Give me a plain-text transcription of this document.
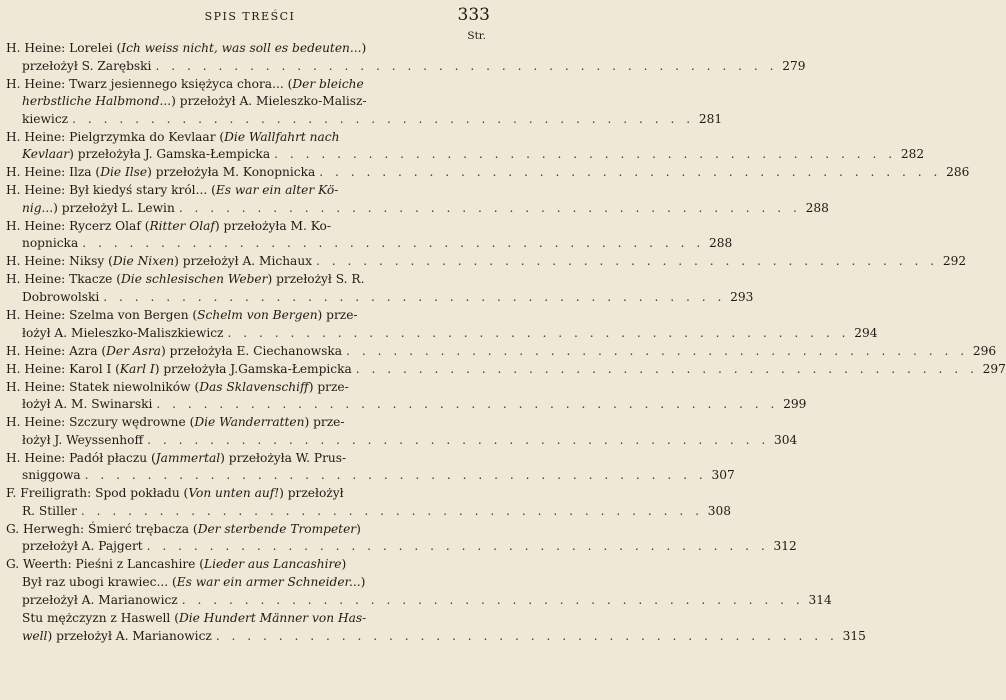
SPIS TREŚCI	333
Str.
H. Heine: Lorelei (Ich weiss nicht, was soll es bedeuten...)
przełożył S. Zarębski . . . . . . . . . . . . . . . . . . . . . . . . . . . . . . . . . . . . . . . . 279
H. Heine: Twarz jesiennego księżyca chora... (Der bleiche
herbstliche Halbmond...) przełożył A. Mieleszko-Malisz-
kiewicz . . . . . . . . . . . . . . . . . . . . . . . . . . . . . . . . . . . . . . . . 281
H. Heine: Pielgrzymka do Kevlaar (Die Wallfahrt nach
Kevlaar) przełożyła J. Gamska-Łempicka . . . . . . . . . . . . . . . . . . . . . . . . . . . . . . . . . . . . . . . . 282
H. Heine: Ilza (Die Ilse) przełożyła M. Konopnicka . . . . . . . . . . . . . . . . . . . . . . . . . . . . . . . . . . . . . . . . 286
H. Heine: Był kiedyś stary król... (Es war ein alter Kö-
nig...) przełożył L. Lewin . . . . . . . . . . . . . . . . . . . . . . . . . . . . . . . . . . . . . . . . 288
H. Heine: Rycerz Olaf (Ritter Olaf) przełożyła M. Ko-
nopnicka . . . . . . . . . . . . . . . . . . . . . . . . . . . . . . . . . . . . . . . . 288
H. Heine: Niksy (Die Nixen) przełożył A. Michaux . . . . . . . . . . . . . . . . . . . . . . . . . . . . . . . . . . . . . . . . 292
H. Heine: Tkacze (Die schlesischen Weber) przełożył S. R.
Dobrowolski . . . . . . . . . . . . . . . . . . . . . . . . . . . . . . . . . . . . . . . . 293
H. Heine: Szelma von Bergen (Schelm von Bergen) prze-
łożył A. Mieleszko-Maliszkiewicz . . . . . . . . . . . . . . . . . . . . . . . . . . . . . . . . . . . . . . . . 294
H. Heine: Azra (Der Asra) przełożyła E. Ciechanowska . . . . . . . . . . . . . . . . . . . . . . . . . . . . . . . . . . . . . . . . 296
H. Heine: Karol I (Karl I) przełożyła J.Gamska-Łempicka . . . . . . . . . . . . . . . . . . . . . . . . . . . . . . . . . . . . . . . . 297
H. Heine: Statek niewolników (Das Sklavenschiff) prze-
łożył A. M. Swinarski . . . . . . . . . . . . . . . . . . . . . . . . . . . . . . . . . . . . . . . . 299
H. Heine: Szczury wędrowne (Die Wanderratten) prze-
łożył J. Weyssenhoff . . . . . . . . . . . . . . . . . . . . . . . . . . . . . . . . . . . . . . . . 304
H. Heine: Padół płaczu (Jammertal) przełożyła W. Prus-
sniggowa . . . . . . . . . . . . . . . . . . . . . . . . . . . . . . . . . . . . . . . . 307
F. Freiligrath: Spod pokładu (Von unten auf!) przełożył
R. Stiller . . . . . . . . . . . . . . . . . . . . . . . . . . . . . . . . . . . . . . . . 308
G. Herwegh: Śmierć trębacza (Der sterbende Trompeter)
przełożył A. Pajgert . . . . . . . . . . . . . . . . . . . . . . . . . . . . . . . . . . . . . . . . 312
G. Weerth: Pieśni z Lancashire (Lieder aus Lancashire)
Był raz ubogi krawiec... (Es war ein armer Schneider...)
przełożył A. Marianowicz . . . . . . . . . . . . . . . . . . . . . . . . . . . . . . . . . . . . . . . . 314
Stu mężczyzn z Haswell (Die Hundert Männer von Has-
well) przełożył A. Marianowicz . . . . . . . . . . . . . . . . . . . . . . . . . . . . . . . . . . . . . . . . 315
